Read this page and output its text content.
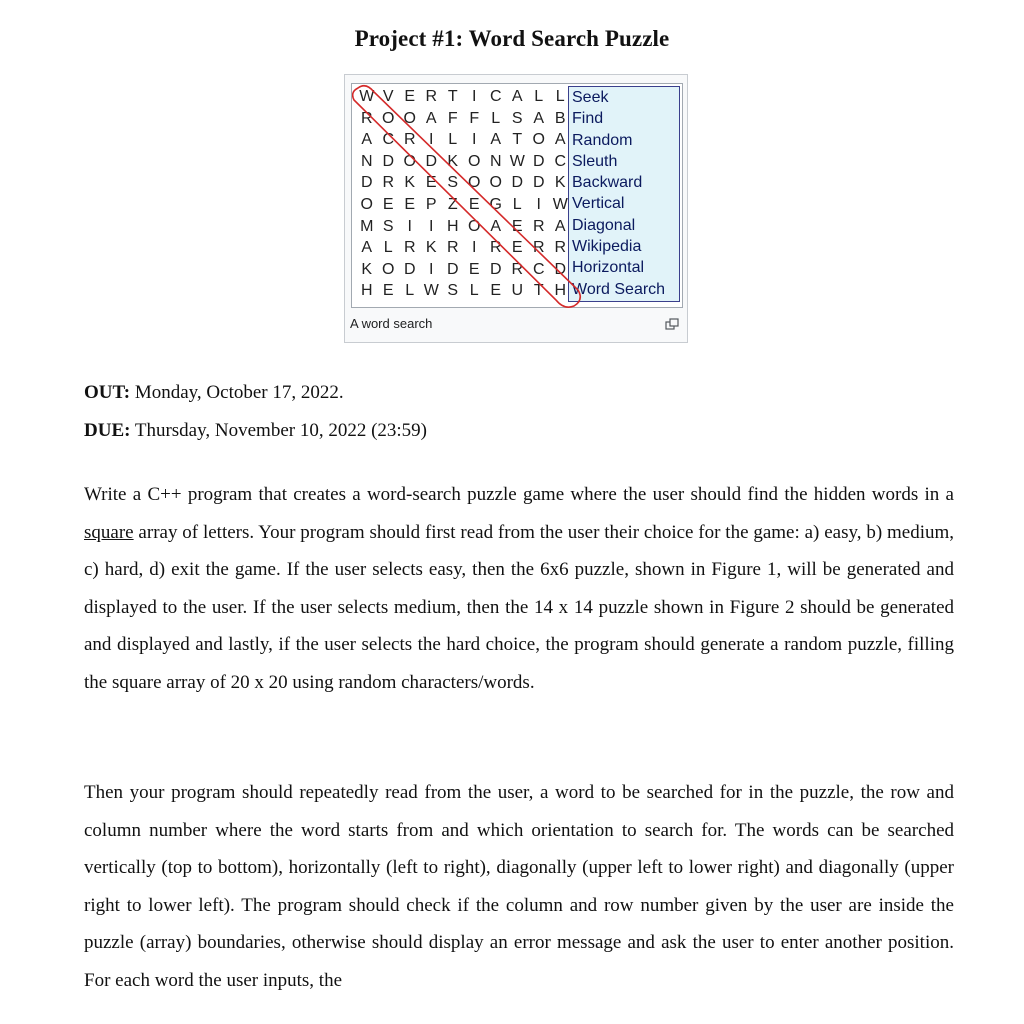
Project #1: Word Search Puzzle
W V E R T I C A L L
R O O A F F L S A B
A C R I L I A T O A
N D O D K O N W D C
D R K E S O O D D K
O E E P Z E G L I W
M S I	I H O A E R A
A L R K R I R E R R
K O D I D E D R C D
H E L W S L E U T H
Seek
Find
Random
Sleuth
Backward
Vertical
Diagonal
Wikipedia
Horizontal
Word Search
A word search
OUT: Monday, October 17, 2022.
DUE: Thursday, November 10, 2022 (23:59)
Write a C++ program that creates a word-search puzzle game where the user should find the hidden words in a square array of letters. Your program should first read from the user their choice for the game: a) easy, b) medium, c) hard, d) exit the game. If the user selects easy, then the 6x6 puzzle, shown in Figure 1, will be generated and displayed to the user. If the user selects medium, then the 14 x 14 puzzle shown in Figure 2 should be generated and displayed and lastly, if the user selects the hard choice, the program should generate a random puzzle, filling the square array of 20 x 20 using random characters/words.
Then your program should repeatedly read from the user, a word to be searched for in the puzzle, the row and column number where the word starts from and which orientation to search for. The words can be searched vertically (top to bottom), horizontally (left to right), diagonally (upper left to lower right) and diagonally (upper right to lower left). The program should check if the column and row number given by the user are inside the puzzle (array) boundaries, otherwise should display an error message and ask the user to enter another position. For each word the user inputs, the
